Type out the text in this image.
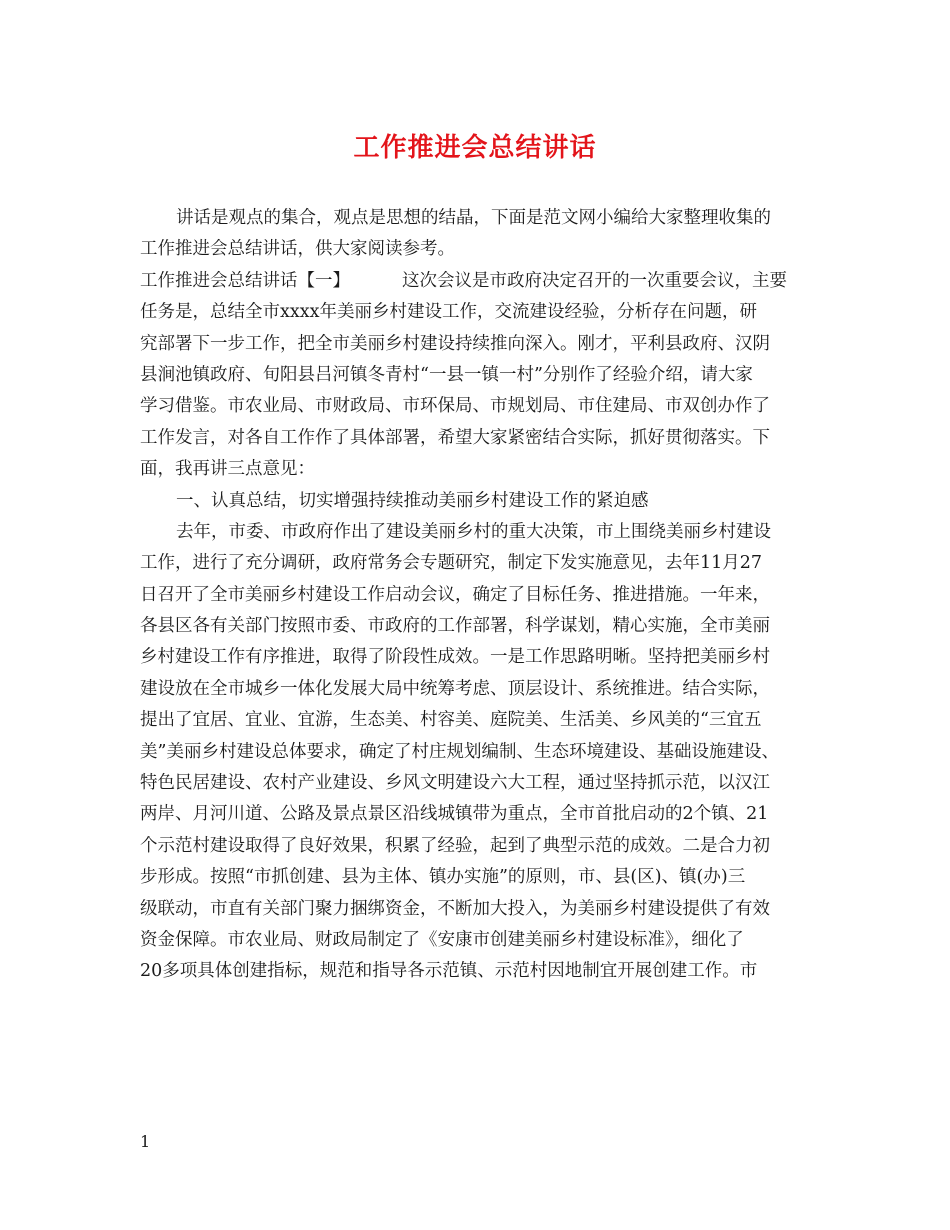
工作推进会总结讲话
讲话是观点的集合，观点是思想的结晶，下面是范文网小编给大家整理收集的
工作推进会总结讲话，供大家阅读参考。
工作推进会总结讲话【一】	这次会议是市政府决定召开的一次重要会议，主要
任务是，总结全市xxxx年美丽乡村建设工作，交流建设经验，分析存在问题，研
究部署下一步工作，把全市美丽乡村建设持续推向深入。刚才，平利县政府、汉阴
县涧池镇政府、旬阳县吕河镇冬青村“一县一镇一村”分别作了经验介绍，请大家
学习借鉴。市农业局、市财政局、市环保局、市规划局、市住建局、市双创办作了
工作发言，对各自工作作了具体部署，希望大家紧密结合实际，抓好贯彻落实。下
面，我再讲三点意见：
一、认真总结，切实增强持续推动美丽乡村建设工作的紧迫感
去年，市委、市政府作出了建设美丽乡村的重大决策，市上围绕美丽乡村建设
工作，进行了充分调研，政府常务会专题研究，制定下发实施意见，去年11月27
日召开了全市美丽乡村建设工作启动会议，确定了目标任务、推进措施。一年来，
各县区各有关部门按照市委、市政府的工作部署，科学谋划，精心实施，全市美丽
乡村建设工作有序推进，取得了阶段性成效。一是工作思路明晰。坚持把美丽乡村
建设放在全市城乡一体化发展大局中统筹考虑、顶层设计、系统推进。结合实际，
提出了宜居、宜业、宜游，生态美、村容美、庭院美、生活美、乡风美的“三宜五
美”美丽乡村建设总体要求，确定了村庄规划编制、生态环境建设、基础设施建设、
特色民居建设、农村产业建设、乡风文明建设六大工程，通过坚持抓示范，以汉江
两岸、月河川道、公路及景点景区沿线城镇带为重点，全市首批启动的2个镇、21
个示范村建设取得了良好效果，积累了经验，起到了典型示范的成效。二是合力初
步形成。按照“市抓创建、县为主体、镇办实施”的原则，市、县(区)、镇(办)三
级联动，市直有关部门聚力捆绑资金，不断加大投入，为美丽乡村建设提供了有效
资金保障。市农业局、财政局制定了《安康市创建美丽乡村建设标准》，细化了
20多项具体创建指标，规范和指导各示范镇、示范村因地制宜开展创建工作。市
1
